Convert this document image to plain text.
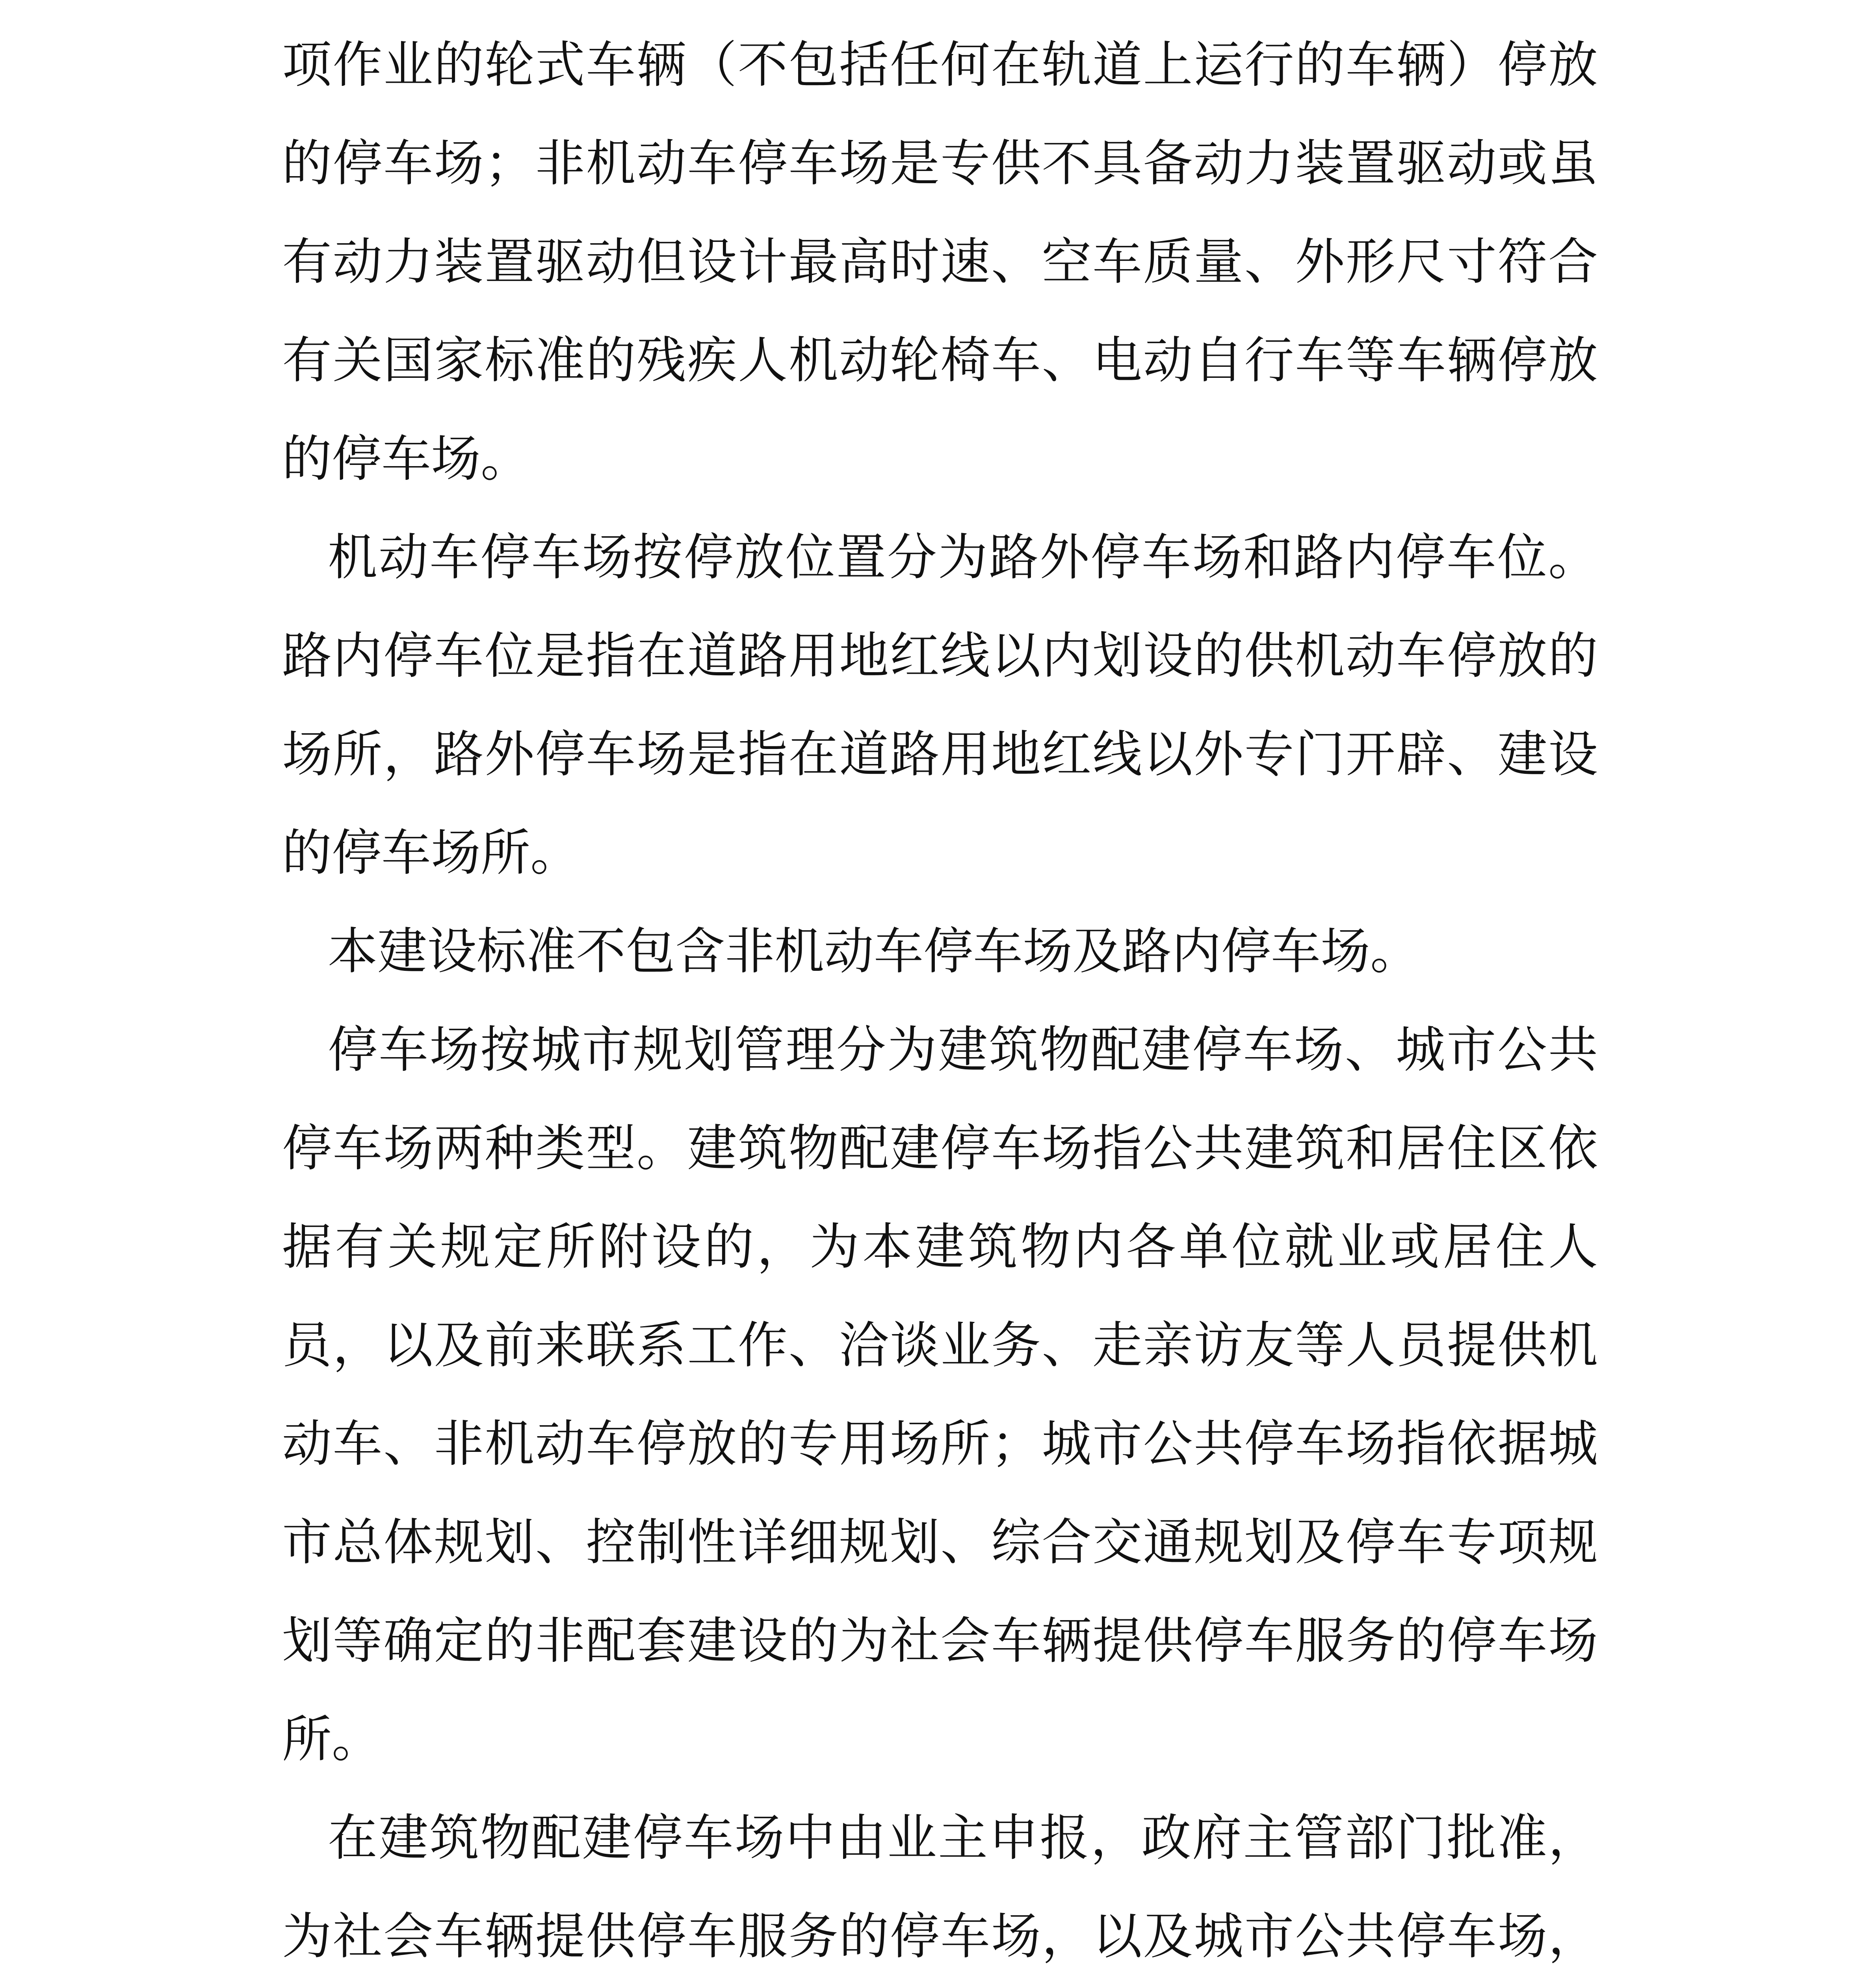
项作业的轮式车辆（不包括任何在轨道上运行的车辆）停放的停车场；非机动车停车场是专供不具备动力装置驱动或虽有动力装置驱动但设计最高时速、空车质量、外形尺寸符合有关国家标准的残疾人机动轮椅车、电动自行车等车辆停放的停车场。

机动车停车场按停放位置分为路外停车场和路内停车位。路内停车位是指在道路用地红线以内划设的供机动车停放的场所，路外停车场是指在道路用地红线以外专门开辟、建设的停车场所。

本建设标准不包含非机动车停车场及路内停车场。

停车场按城市规划管理分为建筑物配建停车场、城市公共停车场两种类型。建筑物配建停车场指公共建筑和居住区依据有关规定所附设的，为本建筑物内各单位就业或居住人员，以及前来联系工作、洽谈业务、走亲访友等人员提供机动车、非机动车停放的专用场所；城市公共停车场指依据城市总体规划、控制性详细规划、综合交通规划及停车专项规划等确定的非配套建设的为社会车辆提供停车服务的停车场所。

在建筑物配建停车场中由业主申报，政府主管部门批准，为社会车辆提供停车服务的停车场，以及城市公共停车场，
